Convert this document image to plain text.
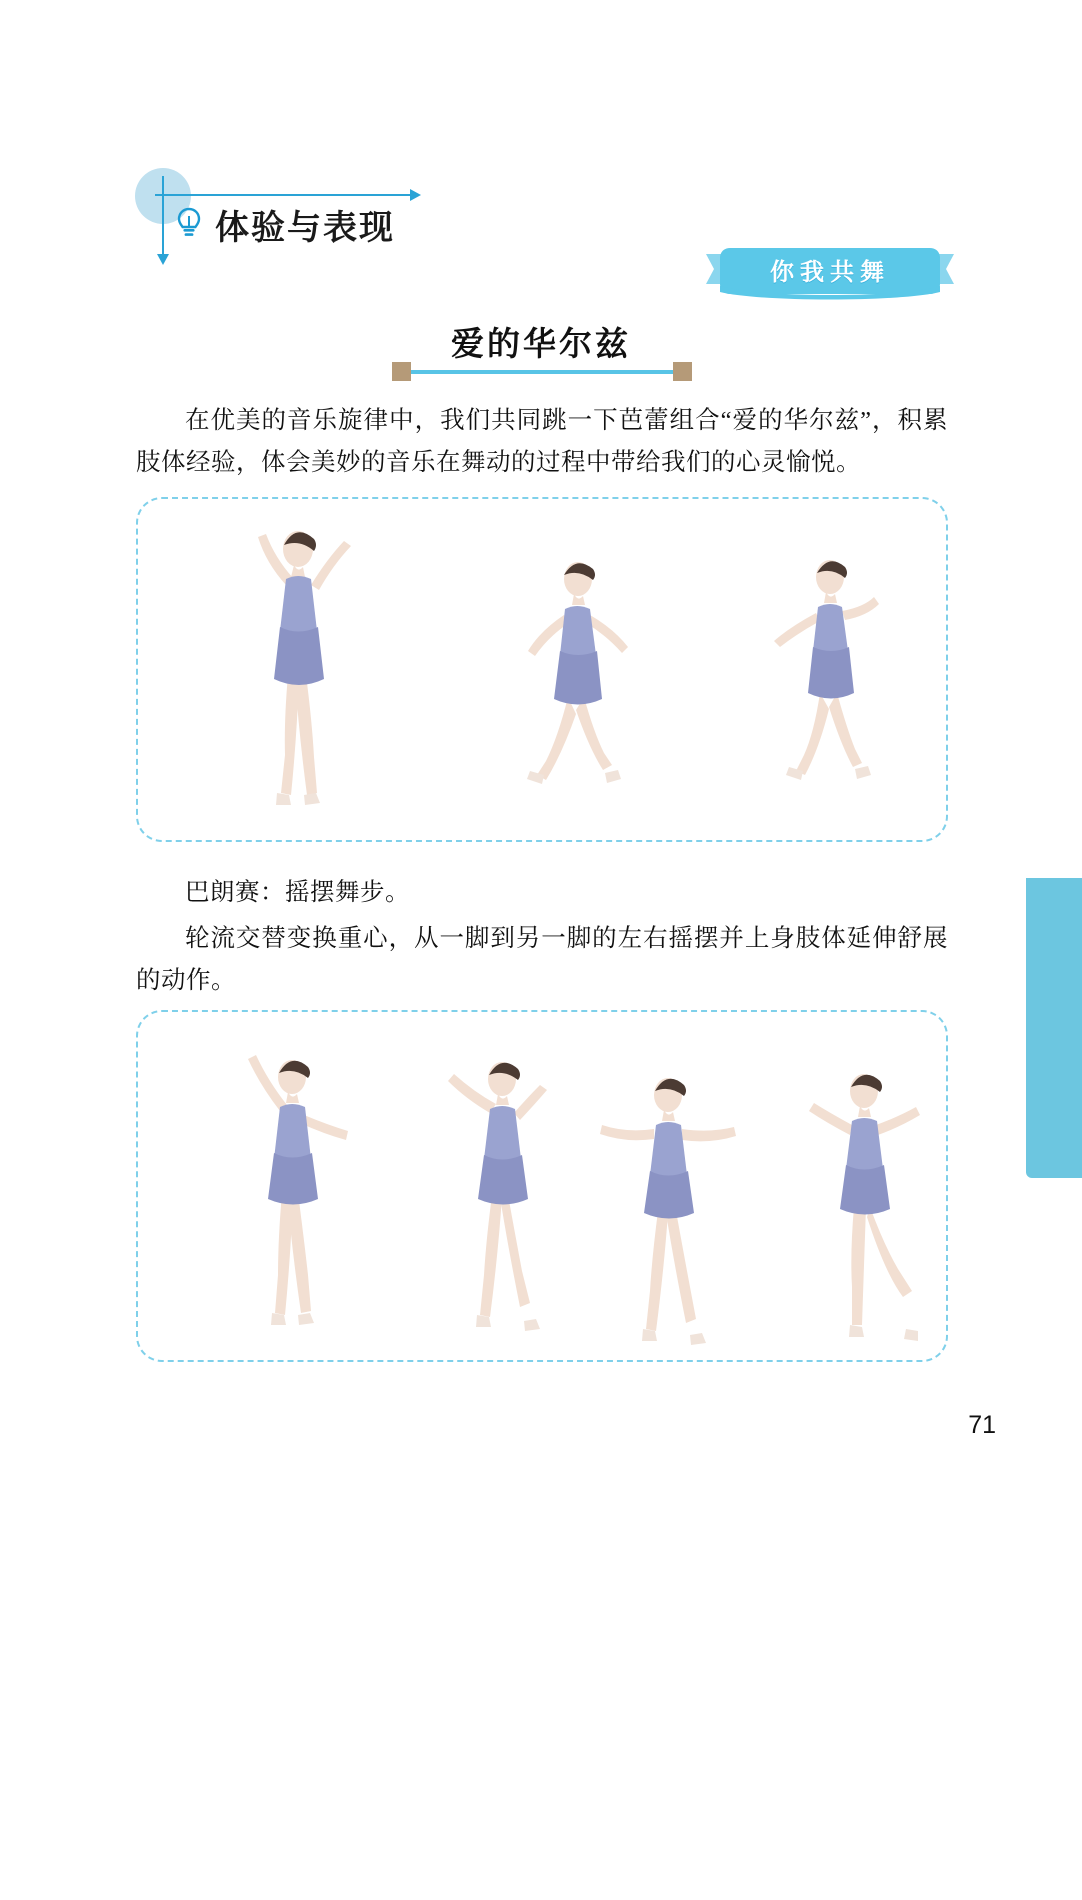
体验与表现
你我共舞
爱的华尔兹
在优美的音乐旋律中，我们共同跳一下芭蕾组合“爱的华尔兹”，积累肢体经验，体会美妙的音乐在舞动的过程中带给我们的心灵愉悦。
巴朗赛：摇摆舞步。
轮流交替变换重心，从一脚到另一脚的左右摇摆并上身肢体延伸舒展的动作。
第 四 单元  经典回望
71
